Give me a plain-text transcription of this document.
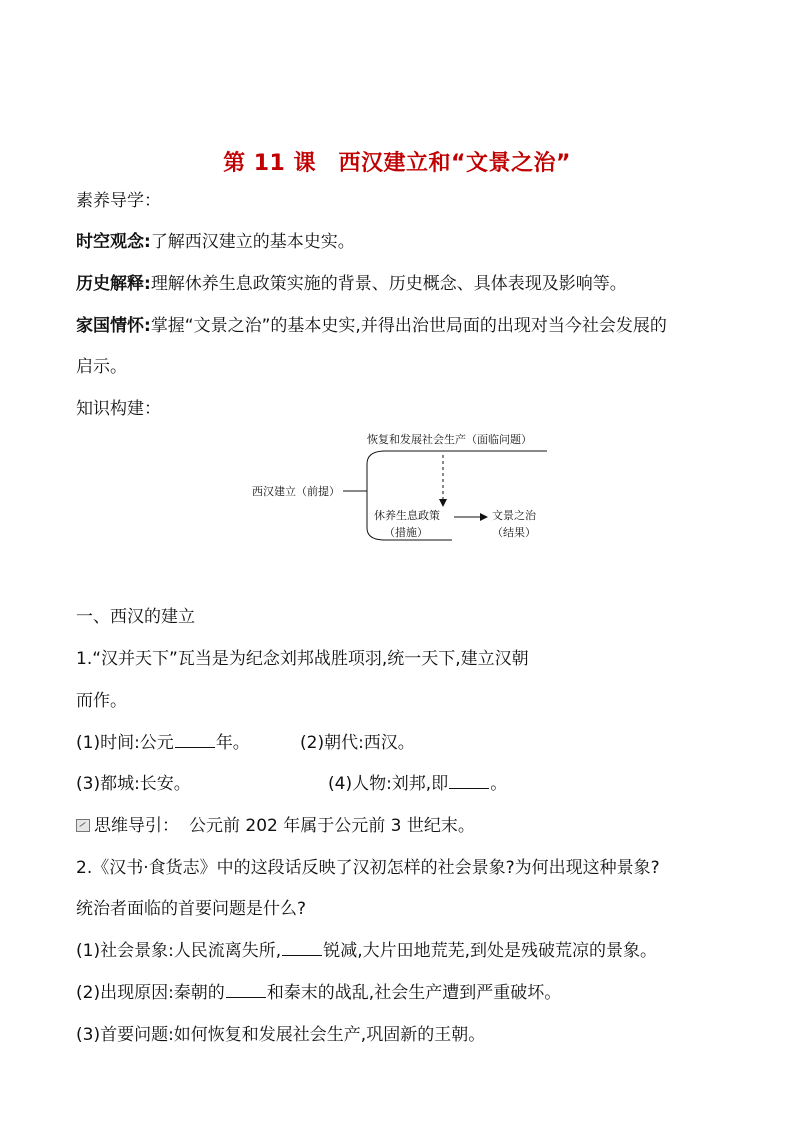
第 11 课　西汉建立和“文景之治”
素养导学：
时空观念:了解西汉建立的基本史实。
历史解释:理解休养生息政策实施的背景、历史概念、具体表现及影响等。
家国情怀:掌握“文景之治”的基本史实,并得出治世局面的出现对当今社会发展的
启示。
知识构建：
恢复和发展社会生产（面临问题）
西汉建立（前提）
休养生息政策
（措施）
文景之治
（结果）
一、西汉的建立
1.“汉并天下”瓦当是为纪念刘邦战胜项羽,统一天下,建立汉朝
而作。
(1)时间:公元 年。	(2)朝代:西汉。
(3)都城:长安。	(4)人物:刘邦,即 。
思维导引： 公元前 202 年属于公元前 3 世纪末。
2.《汉书·食货志》中的这段话反映了汉初怎样的社会景象?为何出现这种景象?
统治者面临的首要问题是什么?
(1)社会景象:人民流离失所, 锐减,大片田地荒芜,到处是残破荒凉的景象。
(2)出现原因:秦朝的 和秦末的战乱,社会生产遭到严重破坏。
(3)首要问题:如何恢复和发展社会生产,巩固新的王朝。
